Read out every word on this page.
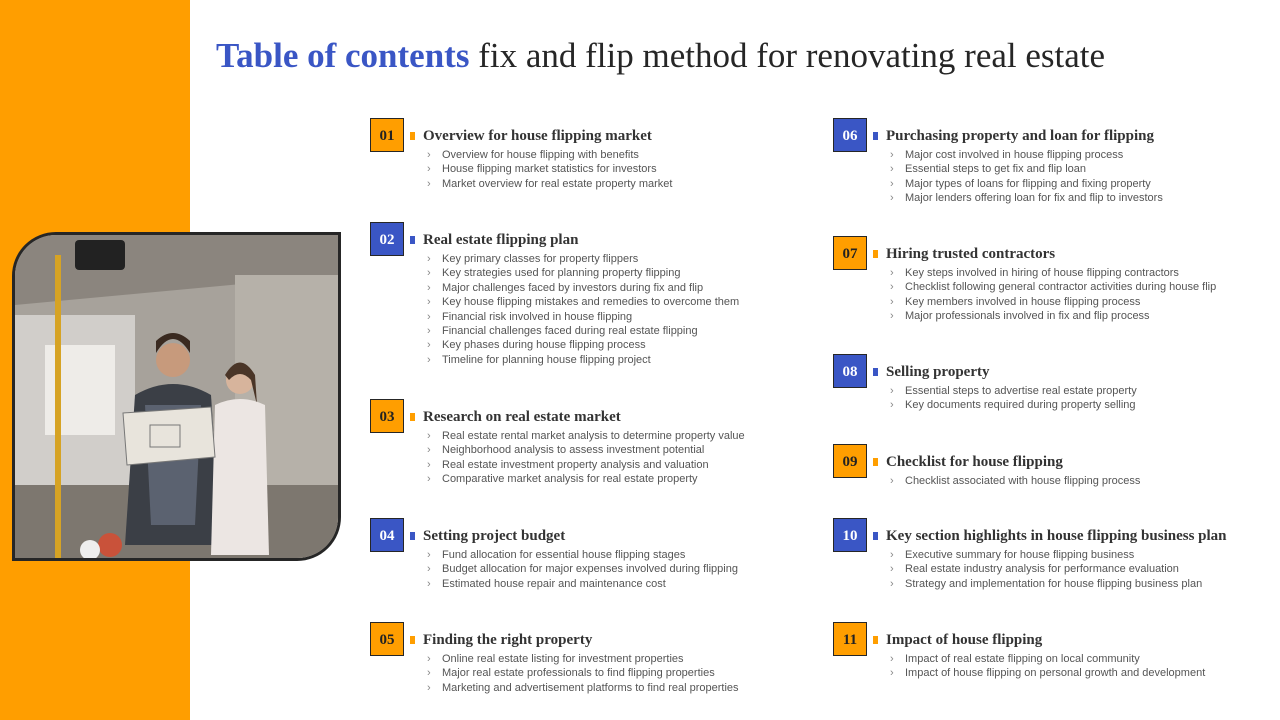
Table of contents fix and flip method for renovating real estate
01	Overview for house flipping market
› Overview for house flipping with benefits
› House flipping market statistics for investors
› Market overview for real estate property market
02	Real estate flipping plan
› Key primary classes for property flippers
› Key strategies used for planning property flipping
› Major challenges faced by investors during fix and flip
› Key house flipping mistakes and remedies to overcome them
› Financial risk involved in house flipping
› Financial challenges faced during real estate flipping
› Key phases during house flipping process
› Timeline for planning house flipping project
03	Research on real estate market
› Real estate rental market analysis to determine property value
› Neighborhood analysis to assess investment potential
› Real estate investment property analysis and valuation
› Comparative market analysis for real estate property
04	Setting project budget
› Fund allocation for essential house flipping stages
› Budget allocation for major expenses involved during flipping
› Estimated house repair and maintenance cost
05	Finding the right property
› Online real estate listing for investment properties
› Major real estate professionals to find flipping properties
› Marketing and advertisement platforms to find real properties
06	Purchasing property and loan for flipping
› Major cost involved in house flipping process
› Essential steps to get fix and flip loan
› Major types of loans for flipping and fixing property
› Major lenders offering loan for fix and flip to investors
07	Hiring trusted contractors
› Key steps involved in hiring of house flipping contractors
› Checklist following general contractor activities during house flip
› Key members involved in house flipping process
› Major professionals involved in fix and flip process
08	Selling property
› Essential steps to advertise real estate property
› Key documents required during property selling
09	Checklist for house flipping
› Checklist associated with house flipping process
10	Key section highlights in house flipping business plan
› Executive summary for house flipping business
› Real estate industry analysis for performance evaluation
› Strategy and implementation for house flipping business plan
11	Impact of house flipping
› Impact of real estate flipping on local community
› Impact of house flipping on personal growth and development
